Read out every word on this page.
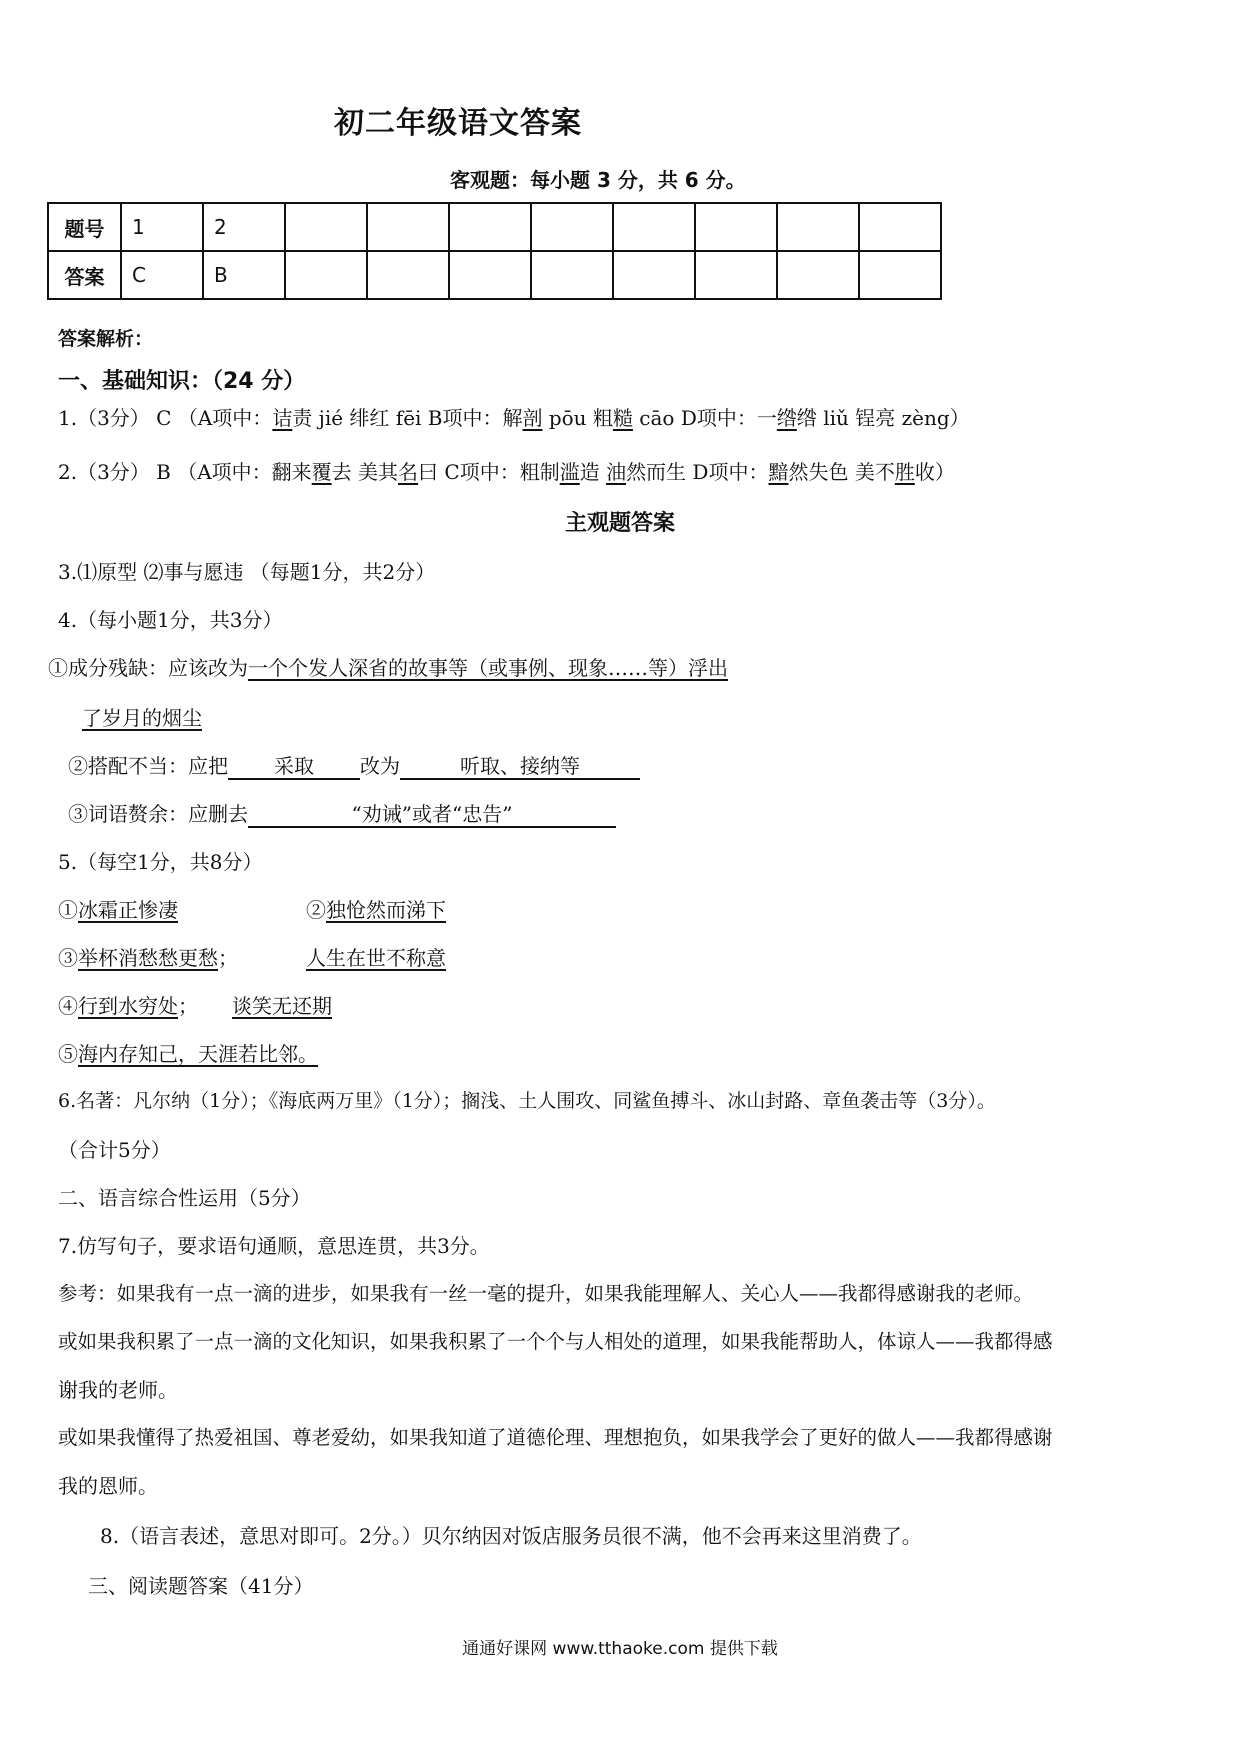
初二年级语文答案
客观题：每小题 3 分，共 6 分。
题号	1	2								
答案	C	B								
答案解析：
一、基础知识：（24 分）
1.（3分） C （A项中：诘责 jié 绯红 fēi B项中：解剖 pōu 粗糙 cāo D项中：一绺绺 liǔ 锃亮 zèng）
2.（3分） B （A项中：翻来覆去 美其名曰 C项中：粗制滥造 油然而生 D项中：黯然失色 美不胜收）
主观题答案
3.⑴原型 ⑵事与愿违 （每题1分，共2分）
4.（每小题1分，共3分）
①成分残缺：应该改为一个个发人深省的故事等（或事例、现象……等）浮出
了岁月的烟尘
②搭配不当：应把 采取 改为	听取、接纳等
③词语赘余：应删去	“劝诫”或者“忠告”
5.（每空1分，共8分）
①冰霜正惨凄	②独怆然而涕下
③举杯消愁愁更愁；	人生在世不称意
④行到水穷处； 谈笑无还期
⑤海内存知己，天涯若比邻。
6.名著：凡尔纳（1分）；《海底两万里》（1分）；搁浅、土人围攻、同鲨鱼搏斗、冰山封路、章鱼袭击等（3分）。
（合计5分）
二、语言综合性运用（5分）
7.仿写句子，要求语句通顺，意思连贯，共3分。
参考：如果我有一点一滴的进步，如果我有一丝一毫的提升，如果我能理解人、关心人——我都得感谢我的老师。
或如果我积累了一点一滴的文化知识，如果我积累了一个个与人相处的道理，如果我能帮助人，体谅人——我都得感
谢我的老师。
或如果我懂得了热爱祖国、尊老爱幼，如果我知道了道德伦理、理想抱负，如果我学会了更好的做人——我都得感谢
我的恩师。
8.（语言表述，意思对即可。2分。）贝尔纳因对饭店服务员很不满，他不会再来这里消费了。
三、阅读题答案（41分）
通通好课网 www.tthaoke.com 提供下载
